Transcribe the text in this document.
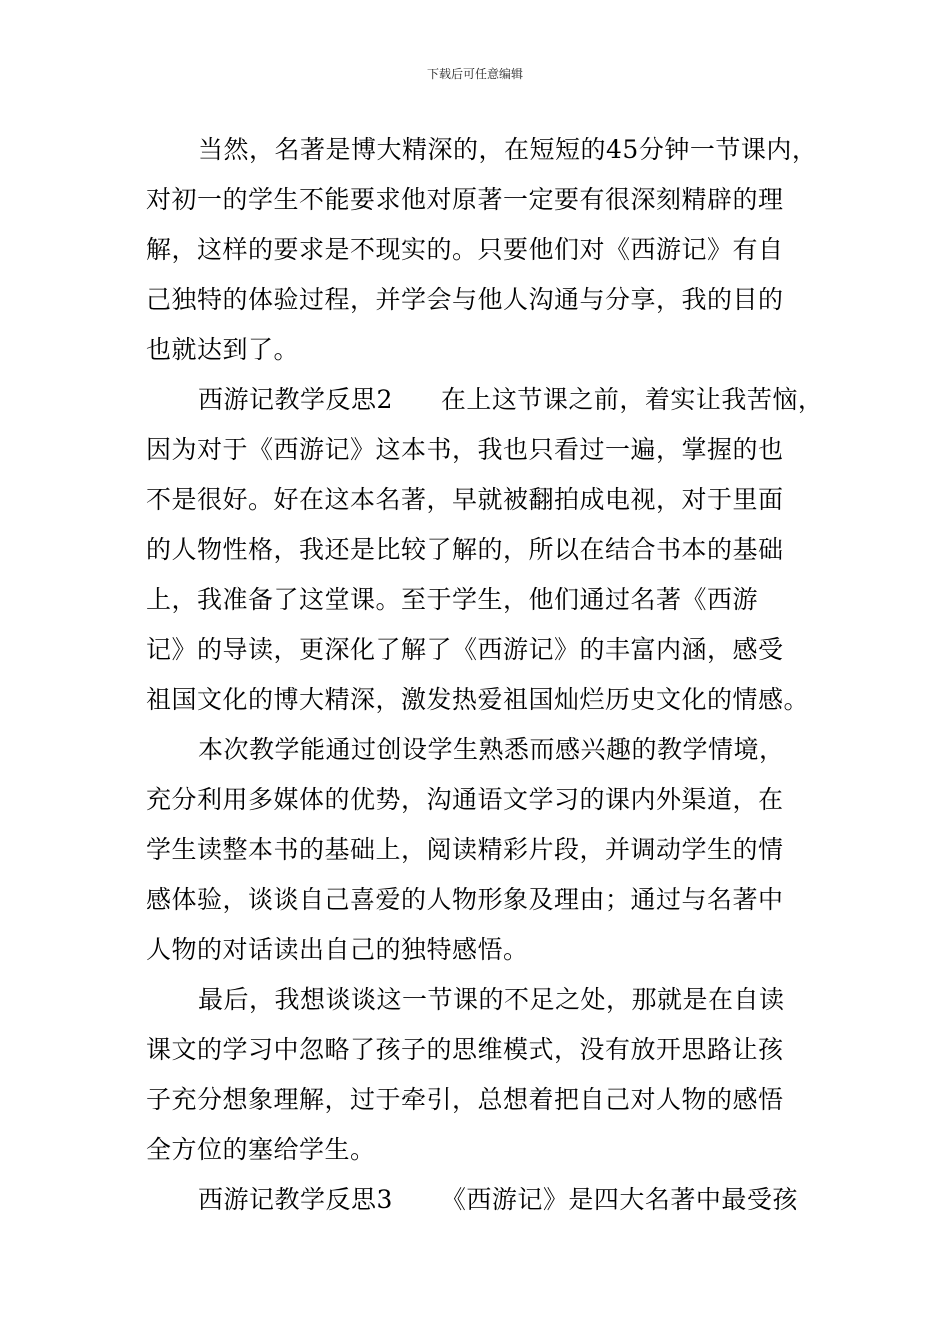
下载后可任意编辑
当然，名著是博大精深的，在短短的45分钟一节课内，
对初一的学生不能要求他对原著一定要有很深刻精辟的理
解，这样的要求是不现实的。只要他们对《西游记》有自
己独特的体验过程，并学会与他人沟通与分享，我的目的
也就达到了。
西游记教学反思2 在上这节课之前，着实让我苦恼，
因为对于《西游记》这本书，我也只看过一遍，掌握的也
不是很好。好在这本名著，早就被翻拍成电视，对于里面
的人物性格，我还是比较了解的，所以在结合书本的基础
上，我准备了这堂课。至于学生，他们通过名著《西游
记》的导读，更深化了解了《西游记》的丰富内涵，感受
祖国文化的博大精深，激发热爱祖国灿烂历史文化的情感。
本次教学能通过创设学生熟悉而感兴趣的教学情境，
充分利用多媒体的优势，沟通语文学习的课内外渠道，在
学生读整本书的基础上，阅读精彩片段，并调动学生的情
感体验，谈谈自己喜爱的人物形象及理由；通过与名著中
人物的对话读出自己的独特感悟。
最后，我想谈谈这一节课的不足之处，那就是在自读
课文的学习中忽略了孩子的思维模式，没有放开思路让孩
子充分想象理解，过于牵引，总想着把自己对人物的感悟
全方位的塞给学生。
西游记教学反思3 《西游记》是四大名著中最受孩
